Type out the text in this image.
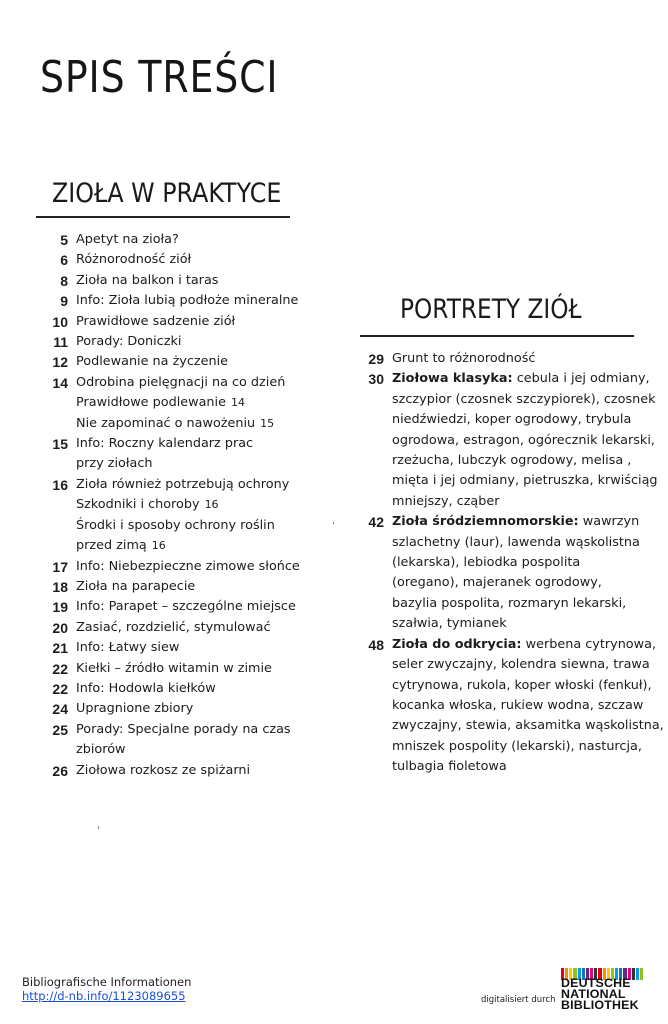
SPIS TREŚCI
ZIOŁA W PRAKTYCE
5 Apetyt na zioła?
6 Różnorodność ziół
8 Zioła na balkon i taras
9 Info: Zioła lubią podłoże mineralne
10 Prawidłowe sadzenie ziół
11 Porady: Doniczki
12 Podlewanie na życzenie
14 Odrobina pielęgnacji na co dzień
Prawidłowe podlewanie 14
Nie zapominać o nawożeniu 15
15 Info: Roczny kalendarz prac
przy ziołach
16 Zioła również potrzebują ochrony
Szkodniki i choroby 16
Środki i sposoby ochrony roślin
przed zimą 16
17 Info: Niebezpieczne zimowe słońce
18 Zioła na parapecie
19 Info: Parapet – szczególne miejsce
20 Zasiać, rozdzielić, stymulować
21 Info: Łatwy siew
22 Kiełki – źródło witamin w zimie
22 Info: Hodowla kiełków
24 Upragnione zbiory
25 Porady: Specjalne porady na czas
zbiorów
26 Ziołowa rozkosz ze spiżarni
PORTRETY ZIÓŁ
29 Grunt to różnorodność
30 Ziołowa klasyka: cebula i jej odmiany,
szczypior (czosnek szczypiorek), czosnek
niedźwiedzi, koper ogrodowy, trybula
ogrodowa, estragon, ogórecznik lekarski,
rzeżucha, lubczyk ogrodowy, melisa ,
mięta i jej odmiany, pietruszka, krwiściąg
mniejszy, cząber
42 Zioła śródziemnomorskie: wawrzyn
szlachetny (laur), lawenda wąskolistna
(lekarska), lebiodka pospolita
(oregano), majeranek ogrodowy,
bazylia pospolita, rozmaryn lekarski,
szałwia, tymianek
48 Zioła do odkrycia: werbena cytrynowa,
seler zwyczajny, kolendra siewna, trawa
cytrynowa, rukola, koper włoski (fenkuł),
kocanka włoska, rukiew wodna, szczaw
zwyczajny, stewia, aksamitka wąskolistna,
mniszek pospolity (lekarski), nasturcja,
tulbagia fioletowa
Bibliografische Informationen
http://d-nb.info/1123089655	digitalisiert durch
DEUTSCHE
NATIONAL
BIBLIOTHEK
